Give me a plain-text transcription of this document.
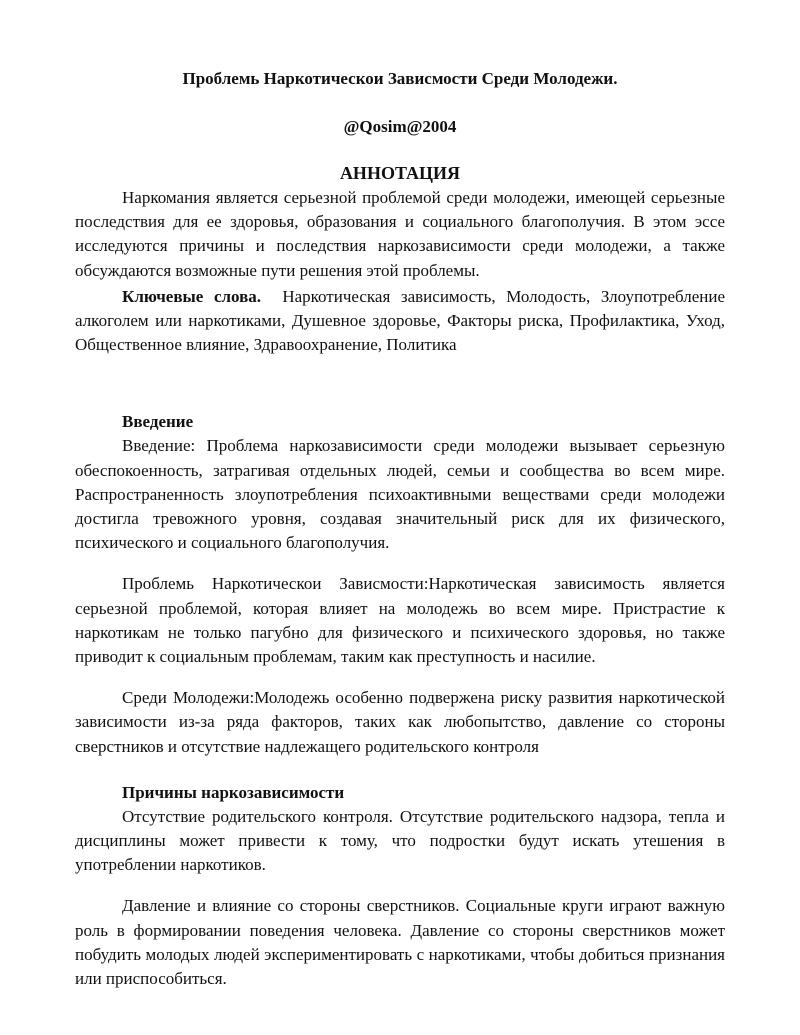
Проблемь Наркотическои Зависмости Среди Молодежи.
@Qosim@2004
АННОТАЦИЯ

Наркомания является серьезной проблемой среди молодежи, имеющей серьезные последствия для ее здоровья, образования и социального благополучия. В этом эссе исследуются причины и последствия наркозависимости среди молодежи, а также обсуждаются возможные пути решения этой проблемы.

Ключевые слова. Наркотическая зависимость, Молодость, Злоупотребление алкоголем или наркотиками, Душевное здоровье, Факторы риска, Профилактика, Уход, Общественное влияние, Здравоохранение, Политика

Введение

Введение: Проблема наркозависимости среди молодежи вызывает серьезную обеспокоенность, затрагивая отдельных людей, семьи и сообщества во всем мире. Распространенность злоупотребления психоактивными веществами среди молодежи достигла тревожного уровня, создавая значительный риск для их физического, психического и социального благополучия.

Проблемь Наркотическои Зависмости:Наркотическая зависимость является серьезной проблемой, которая влияет на молодежь во всем мире. Пристрастие к наркотикам не только пагубно для физического и психического здоровья, но также приводит к социальным проблемам, таким как преступность и насилие.

Среди Молодежи:Молодежь особенно подвержена риску развития наркотической зависимости из-за ряда факторов, таких как любопытство, давление со стороны сверстников и отсутствие надлежащего родительского контроля

Причины наркозависимости

Отсутствие родительского контроля. Отсутствие родительского надзора, тепла и дисциплины может привести к тому, что подростки будут искать утешения в употреблении наркотиков.

Давление и влияние со стороны сверстников. Социальные круги играют важную роль в формировании поведения человека. Давление со стороны сверстников может побудить молодых людей экспериментировать с наркотиками, чтобы добиться признания или приспособиться.
